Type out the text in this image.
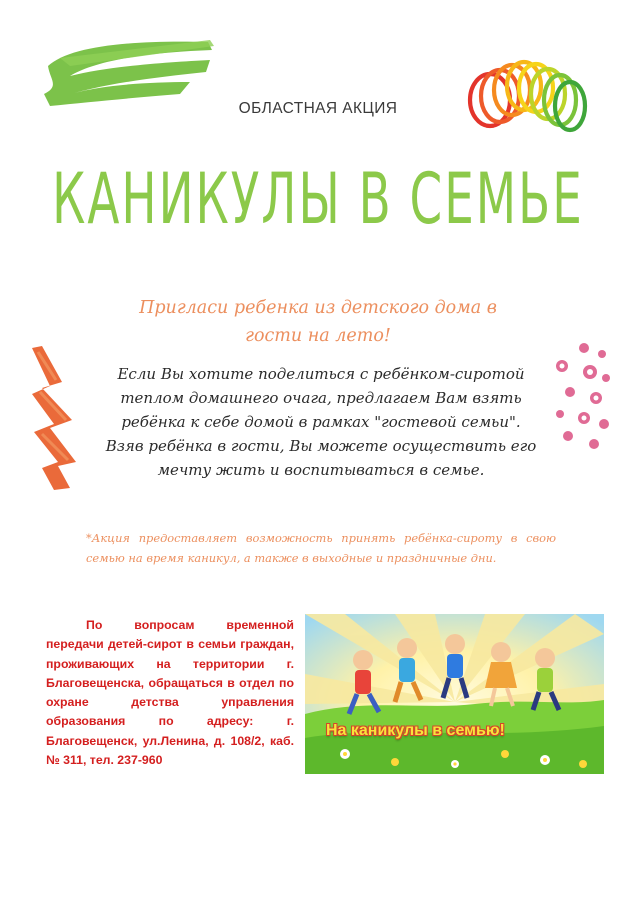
ОБЛАСТНАЯ АКЦИЯ
КАНИКУЛЫ В СЕМЬЕ
Пригласи ребенка из детского дома в
гости на лето!

Если Вы хотите поделиться с ребёнком-сиротой теплом домашнего очага, предлагаем Вам взять ребёнка к себе домой в рамках "гостевой семьи".

Взяв ребёнка в гости, Вы можете осуществить его мечту жить и воспитываться в семье.

*Акция предоставляет возможность принять ребёнка-сироту в свою семью на время каникул, а также в выходные и праздничные дни.
По вопросам временной передачи детей-сирот в семьи граждан, проживающих на территории г. Благовещенска, обращаться в отдел по охране детства управления образования по адресу: г. Благовещенск, ул.Ленина, д. 108/2, каб. № 311, тел. 237-960
На каникулы в семью!
